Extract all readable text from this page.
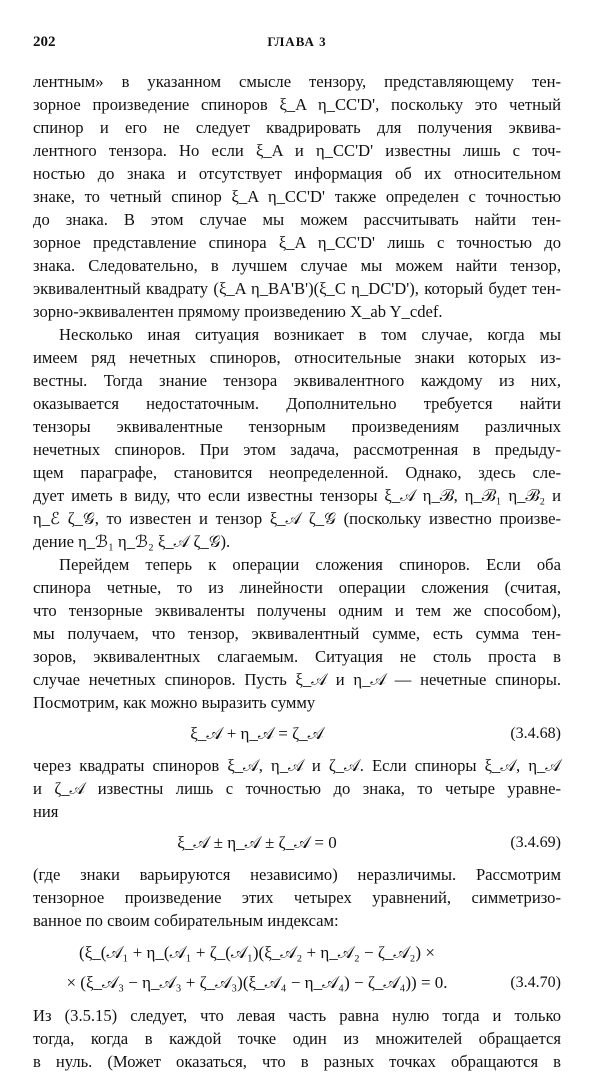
202	ГЛАВА 3
лентным» в указанном смысле тензору, представляющему тен-
зорное произведение спиноров ξ_A η_CC'D', поскольку это четный
спинор и его не следует квадрировать для получения эквива-
лентного тензора. Но если ξ_A и η_CC'D' известны лишь с точ-
ностью до знака и отсутствует информация об их относительном
знаке, то четный спинор ξ_A η_CC'D' также определен с точностью
до знака. В этом случае мы можем рассчитывать найти тен-
зорное представление спинора ξ_A η_CC'D' лишь с точностью до
знака. Следовательно, в лучшем случае мы можем найти тензор,
эквивалентный квадрату (ξ_A η_BA'B')(ξ_C η_DC'D'), который будет тен-
зорно-эквивалентен прямому произведению X_ab Y_cdef.
Несколько иная ситуация возникает в том случае, когда мы
имеем ряд нечетных спиноров, относительные знаки которых из-
вестны. Тогда знание тензора эквивалентного каждому из них,
оказывается недостаточным. Дополнительно требуется найти
тензоры эквивалентные тензорным произведениям различных
нечетных спиноров. При этом задача, рассмотренная в предыду-
щем параграфе, становится неопределенной. Однако, здесь сле-
дует иметь в виду, что если известны тензоры ξ_𝒜 η_ℬ, η_ℬ₁ η_ℬ₂ и
η_ℰ ζ_𝒢, то известен и тензор ξ_𝒜 ζ_𝒢 (поскольку известно произве-
дение η_ℬ₁ η_ℬ₂ ξ_𝒜 ζ_𝒢).
Перейдем теперь к операции сложения спиноров. Если оба
спинора четные, то из линейности операции сложения (считая,
что тензорные эквиваленты получены одним и тем же способом),
мы получаем, что тензор, эквивалентный сумме, есть сумма тен-
зоров, эквивалентных слагаемым. Ситуация не столь проста в
случае нечетных спиноров. Пусть ξ_𝒜 и η_𝒜 — нечетные спиноры.
Посмотрим, как можно выразить сумму
ξ_𝒜 + η_𝒜 = ζ_𝒜	(3.4.68)
через квадраты спиноров ξ_𝒜, η_𝒜 и ζ_𝒜. Если спиноры ξ_𝒜, η_𝒜
и ζ_𝒜 известны лишь с точностью до знака, то четыре уравне-
ния
ξ_𝒜 ± η_𝒜 ± ζ_𝒜 = 0	(3.4.69)
(где знаки варьируются независимо) неразличимы. Рассмотрим
тензорное произведение этих четырех уравнений, симметризо-
ванное по своим собирательным индексам:
(ξ_(𝒜₁ + η_(𝒜₁ + ζ_(𝒜₁)(ξ_𝒜₂ + η_𝒜₂ − ζ_𝒜₂) ×
× (ξ_𝒜₃ − η_𝒜₃ + ζ_𝒜₃)(ξ_𝒜₄ − η_𝒜₄) − ζ_𝒜₄)) = 0.	(3.4.70)
Из (3.5.15) следует, что левая часть равна нулю тогда и только
тогда, когда в каждой точке один из множителей обращается
в нуль. (Может оказаться, что в разных точках обращаются в
